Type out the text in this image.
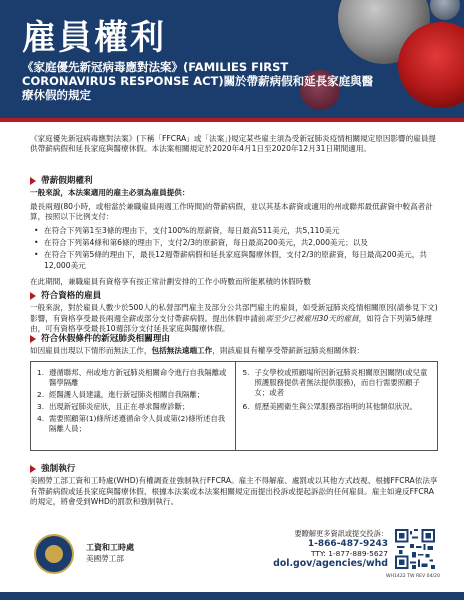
雇員權利
《家庭優先新冠病毒應對法案》(FAMILIES FIRST CORONAVIRUS RESPONSE ACT)關於帶薪病假和延長家庭與醫療休假的規定
《家庭優先新冠病毒應對法案》(下稱「FFCRA」或「法案」)規定某些雇主須為受新冠肺炎疫情相關規定原因影響的雇員提供帶薪病假和延長家庭與醫療休假。本法案相關規定於2020年4月1日至2020年12月31日期間適用。
帶薪假期權利
一般來說，本法案適用的雇主必須為雇員提供：
最長兩週(80小時，或相當於兼職雇員兩週工作時間)的帶薪病假，並以其基本薪資或適用的州或聯邦最低薪資中較高者計算，按照以下比例支付：
• 在符合下列第1至3條的理由下，支付100%的原薪資，每日最高511美元，共5,110美元
• 在符合下列第4條和第6條的理由下，支付2/3的原薪資，每日最高200美元，共2,000美元；以及
• 在符合下列第5條的理由下，最長12週帶薪病假和延長家庭與醫療休假，支付2/3的原薪資，每日最高200美元，共12,000美元
在此期間，兼職雇員有資格享有按正常計劃安排的工作小時數而所能累積的休假時數
符合資格的雇員
一般來說，對於雇員人數少於500人的私營部門雇主及部分公共部門雇主的雇員，如受新冠肺炎疫情相關原因(請參見下文)影響，有資格享受最長兩週全薪或部分支付帶薪病假。提出休假申請前需至少已被雇用30天的雇員，如符合下列第5條理由，可有資格享受最長10週部分支付延長家庭與醫療休假。
符合休假條件的新冠肺炎相關理由
如因雇員出現以下情形而無法工作，包括無法遠端工作，則該雇員有權享受帶薪新冠肺炎相關休假：
1. 遵循聯邦、州或地方新冠肺炎相關命令進行自我隔離或醫學隔離
2. 經醫護人員建議，進行新冠肺炎相關自我隔離；
3. 出現新冠肺炎症狀，且正在尋求醫療診斷；
4. 需要照顧第(1)條所述遵循命令人員或第(2)條所述自我隔離人員；
5. 子女學校或照顧場所因新冠肺炎相關原因關閉(或兒童照護服務提供者無法提供服務)，而自行需要照顧子女；或者
6. 經歷美國衛生與公眾服務部指明的其他類似狀況。
強制執行
美國勞工部工資和工時處(WHD)有權調查並強制執行FFCRA。雇主不得解雇、處罰或以其他方式歧視、根據FFCRA依法享有帶薪病假或延長家庭與醫療休假、根據本法案或本法案相關規定而提出投訴或提起訴訟的任何雇員。雇主如違反FFCRA的規定，將會受到WHD的罰款和強制執行。
工資和工時處
美國勞工部
要瞭解更多資訊或提交投訴：
1-866-487-9243
TTY: 1-877-889-5627
dol.gov/agencies/whd
WH1422 TW REV 04/20
